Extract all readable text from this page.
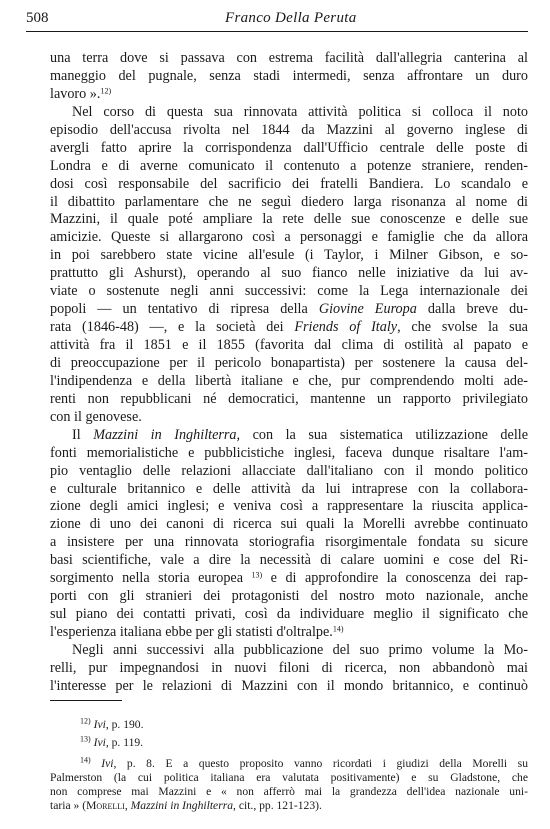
508	Franco Della Peruta
una terra dove si passava con estrema facilità dall'allegria canterina al
maneggio del pugnale, senza stadi intermedi, senza affrontare un duro
lavoro ».$^{12)}$
Nel corso di questa sua rinnovata attività politica si colloca il noto
episodio dell'accusa rivolta nel 1844 da Mazzini al governo inglese di
avergli fatto aprire la corrispondenza dall'Ufficio centrale delle poste di
Londra e di averne comunicato il contenuto a potenze straniere, renden-
dosi così responsabile del sacrificio dei fratelli Bandiera. Lo scandalo e
il dibattito parlamentare che ne seguì diedero larga risonanza al nome di
Mazzini, il quale poté ampliare la rete delle sue conoscenze e delle sue
amicizie. Queste si allargarono così a personaggi e famiglie che da allora
in poi sarebbero state vicine all'esule (i Taylor, i Milner Gibson, e so-
prattutto gli Ashurst), operando al suo fianco nelle iniziative da lui av-
viate o sostenute negli anni successivi: come la Lega internazionale dei
popoli — un tentativo di ripresa della Giovine Europa dalla breve du-
rata (1846-48) —, e la società dei Friends of Italy, che svolse la sua
attività fra il 1851 e il 1855 (favorita dal clima di ostilità al papato e
di preoccupazione per il pericolo bonapartista) per sostenere la causa del-
l'indipendenza e della libertà italiane e che, pur comprendendo molti ade-
renti non repubblicani né democratici, mantenne un rapporto privilegiato
con il genovese.
Il Mazzini in Inghilterra, con la sua sistematica utilizzazione delle
fonti memorialistiche e pubblicistiche inglesi, faceva dunque risaltare l'am-
pio ventaglio delle relazioni allacciate dall'italiano con il mondo politico
e culturale britannico e delle attività da lui intraprese con la collabora-
zione degli amici inglesi; e veniva così a rappresentare la riuscita applica-
zione di uno dei canoni di ricerca sui quali la Morelli avrebbe continuato
a insistere per una rinnovata storiografia risorgimentale fondata su sicure
basi scientifiche, vale a dire la necessità di calare uomini e cose del Ri-
sorgimento nella storia europea $^{13)}$ e di approfondire la conoscenza dei rap-
porti con gli stranieri dei protagonisti del nostro moto nazionale, anche
sul piano dei contatti privati, così da individuare meglio il significato che
l'esperienza italiana ebbe per gli statisti d'oltralpe.$^{14)}$
Negli anni successivi alla pubblicazione del suo primo volume la Mo-
relli, pur impegnandosi in nuovi filoni di ricerca, non abbandonò mai
l'interesse per le relazioni di Mazzini con il mondo britannico, e continuò
$^{12)}$ Ivi, p. 190.
$^{13)}$ Ivi, p. 119.
$^{14)}$ Ivi, p. 8. E a questo proposito vanno ricordati i giudizi della Morelli su
Palmerston (la cui politica italiana era valutata positivamente) e su Gladstone, che
non comprese mai Mazzini e « non afferrò mai la grandezza dell'idea nazionale uni-
taria » (Morelli, Mazzini in Inghilterra, cit., pp. 121-123).
